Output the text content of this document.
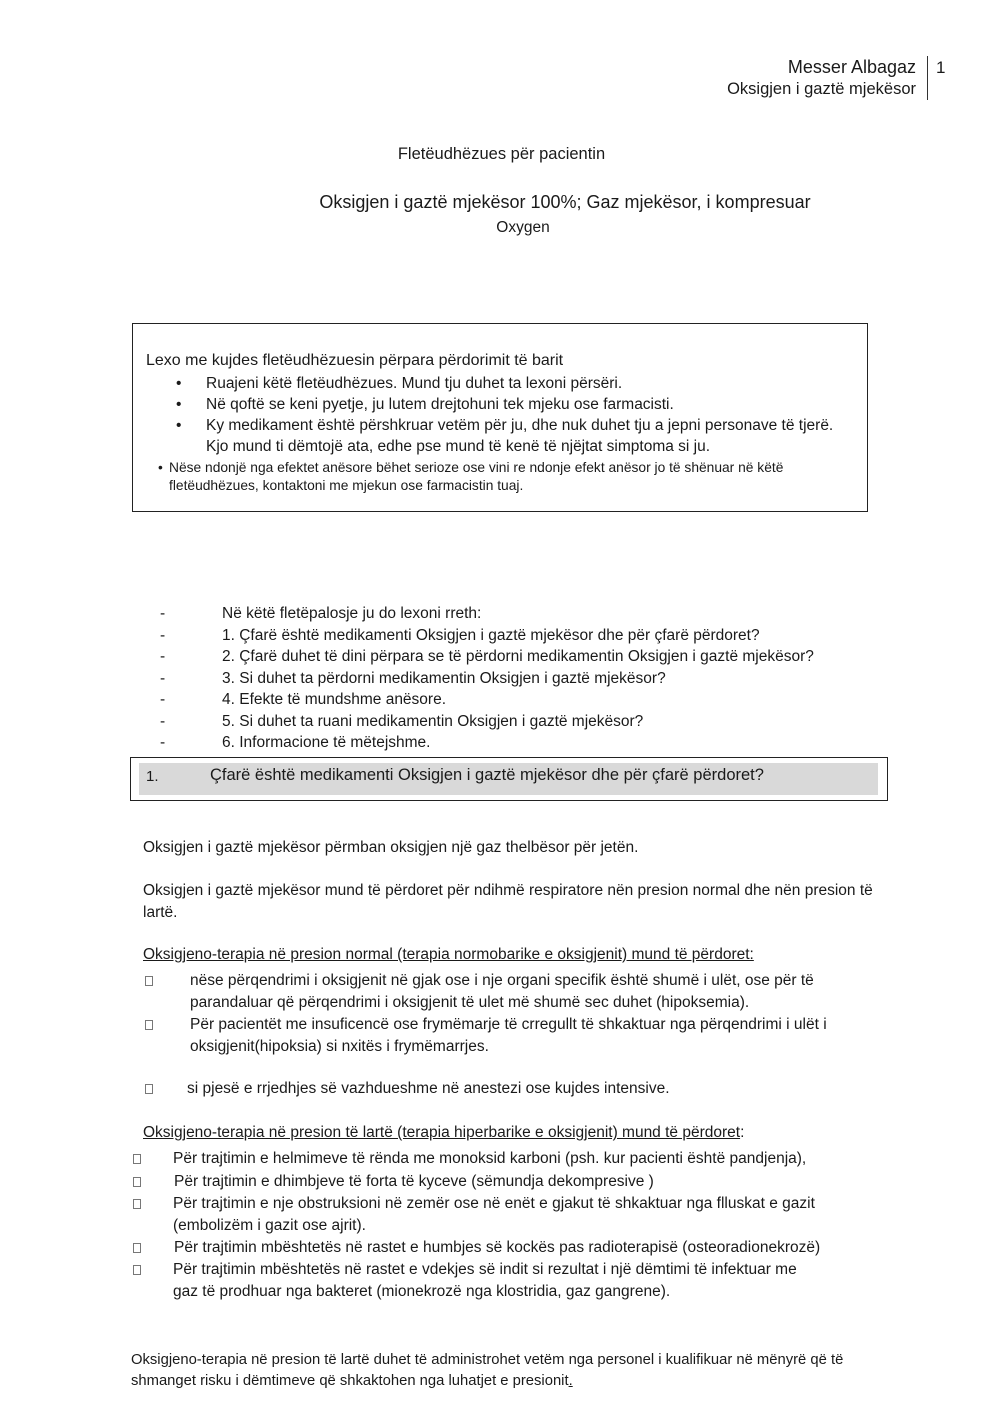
Messer Albagaz
Oksigjen i gaztë mjekësor
1
Fletëudhëzues për pacientin
Oksigjen i gaztë mjekësor 100%; Gaz mjekësor, i kompresuar
Oxygen
Lexo me kujdes fletëudhëzuesin përpara përdorimit të barit
• Ruajeni këtë fletëudhëzues. Mund tju duhet ta lexoni përsëri.
• Në qoftë se keni pyetje, ju lutem drejtohuni tek mjeku ose farmacisti.
• Ky medikament është përshkruar vetëm për ju, dhe nuk duhet tju a jepni personave të tjerë. Kjo mund ti dëmtojë ata, edhe pse mund të kenë të njëjtat simptoma si ju.
• Nëse ndonjë nga efektet anësore bëhet serioze ose vini re ndonje efekt anësor jo të shënuar në këtë fletëudhëzues, kontaktoni me mjekun ose farmacistin tuaj.
-	Në këtë fletëpalosje ju do lexoni rreth:
-	1. Çfarë është medikamenti Oksigjen i gaztë mjekësor dhe për çfarë përdoret?
-	2. Çfarë duhet të dini përpara se të përdorni medikamentin Oksigjen i gaztë mjekësor?
-	3. Si duhet ta përdorni medikamentin Oksigjen i gaztë mjekësor?
-	4. Efekte të mundshme anësore.
-	5. Si duhet ta ruani medikamentin Oksigjen i gaztë mjekësor?
-	6. Informacione të mëtejshme.
1.	Çfarë është medikamenti Oksigjen i gaztë mjekësor dhe për çfarë përdoret?
Oksigjen i gaztë mjekësor përmban oksigjen një gaz thelbësor për jetën.
Oksigjen i gaztë mjekësor mund të përdoret për ndihmë respiratore nën presion normal dhe nën presion të lartë.
Oksigjeno-terapia në presion normal (terapia normobarike e oksigjenit) mund të përdoret:
nëse përqendrimi i oksigjenit në gjak ose i nje organi specifik është shumë i ulët, ose për të parandaluar që përqendrimi i oksigjenit të ulet më shumë sec duhet (hipoksemia).
Për pacientët me insuficencë ose frymëmarje të crregullt të shkaktuar nga përqendrimi i ulët i oksigjenit(hipoksia) si nxitës i frymëmarrjes.
si pjesë e rrjedhjes së vazhdueshme në anestezi ose kujdes intensive.
Oksigjeno-terapia në presion të lartë (terapia hiperbarike e oksigjenit) mund të përdoret:
Për trajtimin e helmimeve të rënda me monoksid karboni (psh. kur pacienti është pandjenja),
Për trajtimin e dhimbjeve të forta të kyceve (sëmundja dekompresive )
Për trajtimin e nje obstruksioni në zemër ose në enët e gjakut të shkaktuar nga flluskat e gazit (embolizëm i gazit ose ajrit).
Për trajtimin mbështetës në rastet e humbjes së kockës pas radioterapisë (osteoradionekrozë)
Për trajtimin mbështetës në rastet e vdekjes së indit si rezultat i një dëmtimi të infektuar me gaz të prodhuar nga bakteret (mionekrozë nga klostridia, gaz gangrene).
Oksigjeno-terapia në presion të lartë duhet të administrohet vetëm nga personel i kualifikuar në mënyrë që të shmanget risku i dëmtimeve që shkaktohen nga luhatjet e presionit.
